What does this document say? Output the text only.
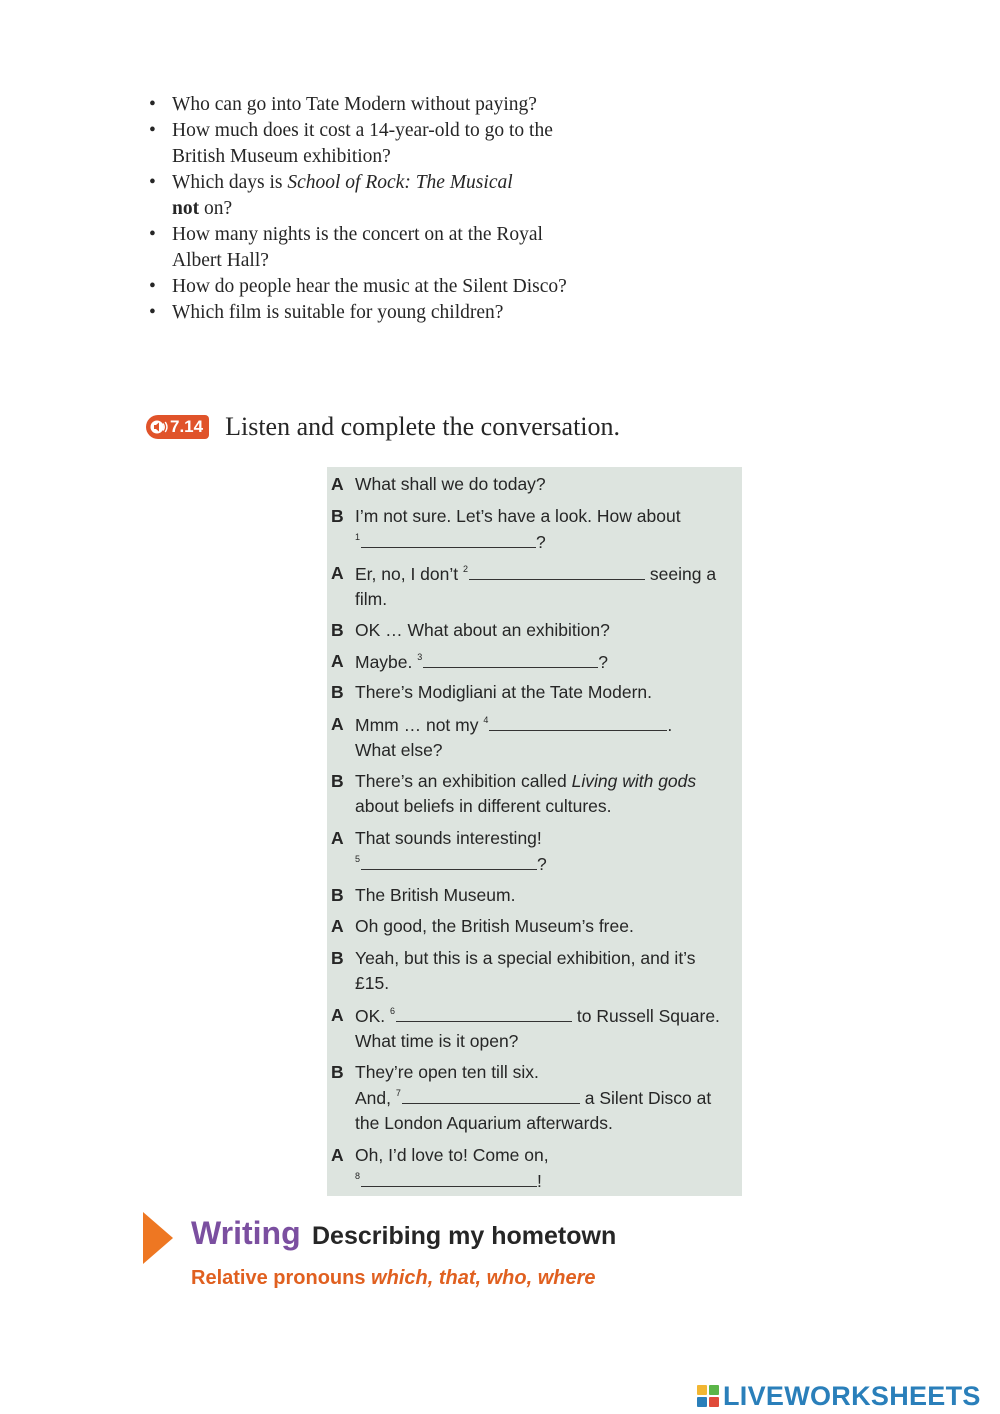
• Who can go into Tate Modern without paying?
• How much does it cost a 14-year-old to go to the British Museum exhibition?
• Which days is School of Rock: The Musical
not on?
• How many nights is the concert on at the Royal Albert Hall?
• How do people hear the music at the Silent Disco?
• Which film is suitable for young children?
7.14 Listen and complete the conversation.
A What shall we do today?
B I’m not sure. Let’s have a look. How about
$^1$	?
A Er, no, I don’t $^2$	seeing a
film.
B OK … What about an exhibition?
A Maybe. $^3$	?
B There’s Modigliani at the Tate Modern.
A Mmm … not my $^4$	.
What else?
B There’s an exhibition called Living with gods
about beliefs in different cultures.
A That sounds interesting!
$^5$	?
B The British Museum.
A Oh good, the British Museum’s free.
B Yeah, but this is a special exhibition, and it’s
£15.
A OK. $^6$	to Russell Square.
What time is it open?
B They’re open ten till six.
And, $^7$	a Silent Disco at
the London Aquarium afterwards.
A Oh, I’d love to! Come on,
$^8$	!
Writing Describing my hometown
Relative pronouns which, that, who, where
LIVEWORKSHEETS
